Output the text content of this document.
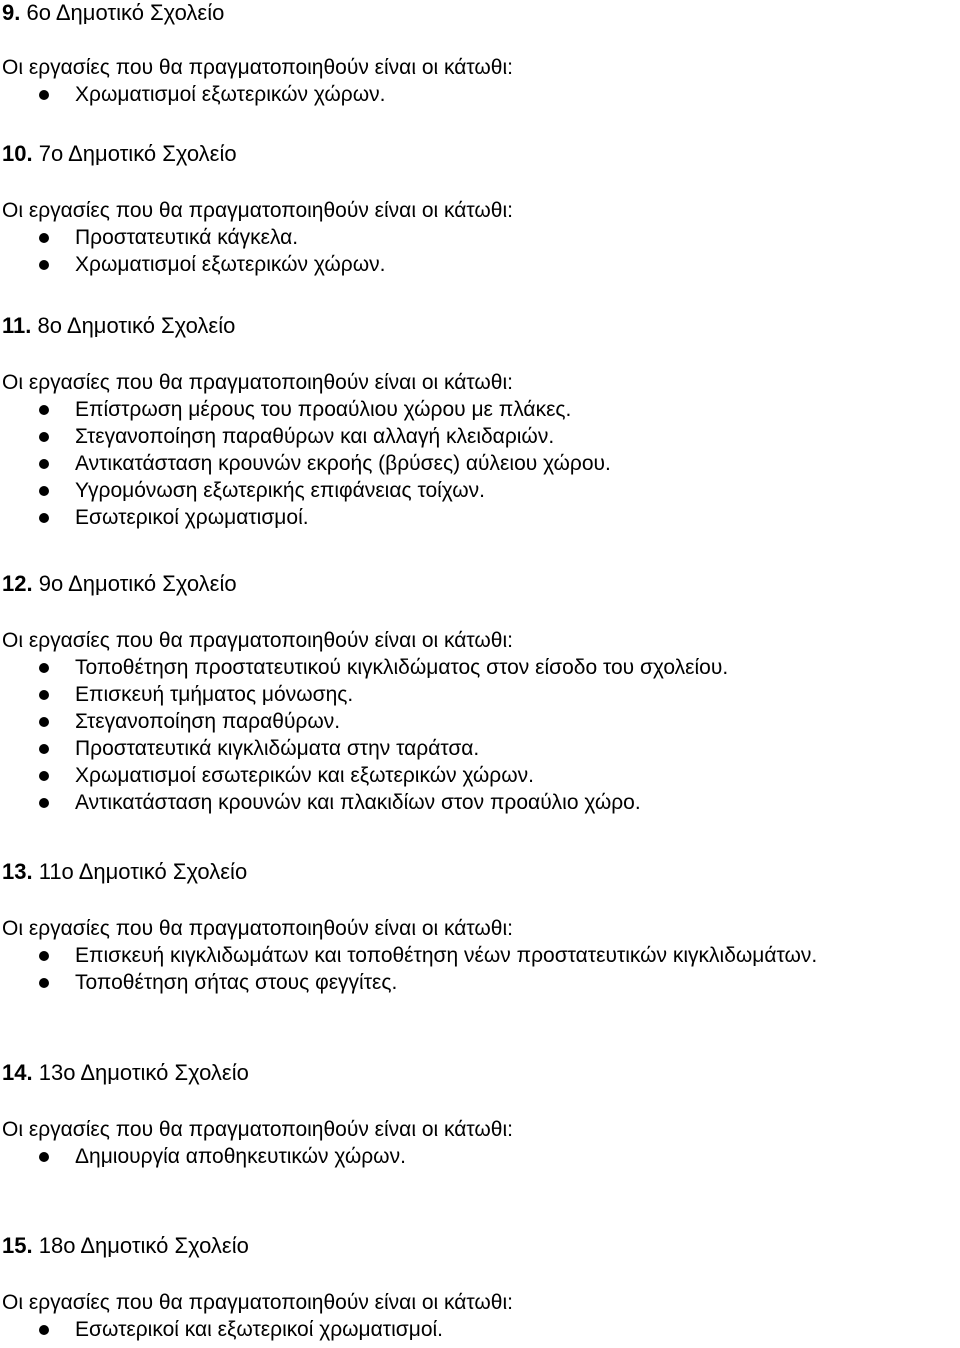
9. 6ο Δημοτικό Σχολείο
Οι εργασίες που θα πραγματοποιηθούν είναι οι κάτωθι:
Χρωματισμοί εξωτερικών χώρων.
10. 7ο Δημοτικό Σχολείο
Οι εργασίες που θα πραγματοποιηθούν είναι οι κάτωθι:
Προστατευτικά κάγκελα.
Χρωματισμοί εξωτερικών χώρων.
11. 8ο Δημοτικό Σχολείο
Οι εργασίες που θα πραγματοποιηθούν είναι οι κάτωθι:
Επίστρωση μέρους του προαύλιου χώρου με πλάκες.
Στεγανοποίηση παραθύρων και αλλαγή κλειδαριών.
Αντικατάσταση κρουνών εκροής (βρύσες) αύλειου χώρου.
Υγρομόνωση εξωτερικής επιφάνειας τοίχων.
Εσωτερικοί χρωματισμοί.
12. 9ο Δημοτικό Σχολείο
Οι εργασίες που θα πραγματοποιηθούν είναι οι κάτωθι:
Τοποθέτηση προστατευτικού κιγκλιδώματος στον είσοδο του σχολείου.
Επισκευή τμήματος μόνωσης.
Στεγανοποίηση παραθύρων.
Προστατευτικά κιγκλιδώματα στην ταράτσα.
Χρωματισμοί εσωτερικών και εξωτερικών χώρων.
Αντικατάσταση κρουνών και πλακιδίων στον προαύλιο χώρο.
13. 11ο Δημοτικό Σχολείο
Οι εργασίες που θα πραγματοποιηθούν είναι οι κάτωθι:
Επισκευή κιγκλιδωμάτων και τοποθέτηση νέων προστατευτικών κιγκλιδωμάτων.
Τοποθέτηση σήτας στους φεγγίτες.
14. 13ο Δημοτικό Σχολείο
Οι εργασίες που θα πραγματοποιηθούν είναι οι κάτωθι:
Δημιουργία αποθηκευτικών χώρων.
15. 18ο Δημοτικό Σχολείο
Οι εργασίες που θα πραγματοποιηθούν είναι οι κάτωθι:
Εσωτερικοί και εξωτερικοί χρωματισμοί.
